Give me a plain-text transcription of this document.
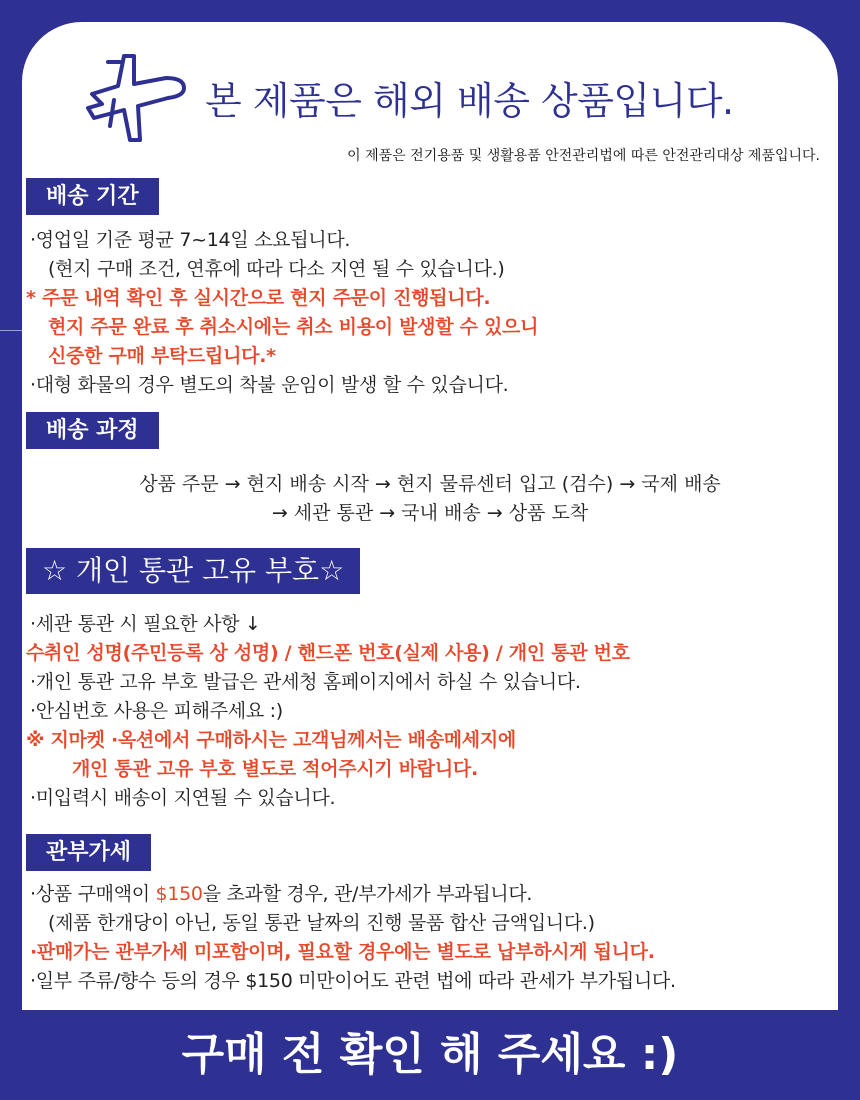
본 제품은 해외 배송 상품입니다.
이 제품은 전기용품 및 생활용품 안전관리법에 따른 안전관리대상 제품입니다.
배송 기간
·영업일 기준 평균 7~14일 소요됩니다.
(현지 구매 조건, 연휴에 따라 다소 지연 될 수 있습니다.)
* 주문 내역 확인 후 실시간으로 현지 주문이 진행됩니다.
현지 주문 완료 후 취소시에는 취소 비용이 발생할 수 있으니
신중한 구매 부탁드립니다.*
·대형 화물의 경우 별도의 착불 운임이 발생 할 수 있습니다.
배송 과정
상품 주문 → 현지 배송 시작 → 현지 물류센터 입고 (검수) → 국제 배송
→ 세관 통관 → 국내 배송 → 상품 도착
☆ 개인 통관 고유 부호☆
·세관 통관 시 필요한 사항 ↓
수취인 성명(주민등록 상 성명) / 핸드폰 번호(실제 사용) / 개인 통관 번호
·개인 통관 고유 부호 발급은 관세청 홈페이지에서 하실 수 있습니다.
·안심번호 사용은 피해주세요 :)
※ 지마켓 ·옥션에서 구매하시는 고객님께서는 배송메세지에
개인 통관 고유 부호 별도로 적어주시기 바랍니다.
·미입력시 배송이 지연될 수 있습니다.
관부가세
·상품 구매액이 $150을 초과할 경우, 관/부가세가 부과됩니다.
(제품 한개당이 아닌, 동일 통관 날짜의 진행 물품 합산 금액입니다.)
·판매가는 관부가세 미포함이며, 필요할 경우에는 별도로 납부하시게 됩니다.
·일부 주류/향수 등의 경우 $150 미만이어도 관련 법에 따라 관세가 부가됩니다.
구매 전 확인 해 주세요 :)
